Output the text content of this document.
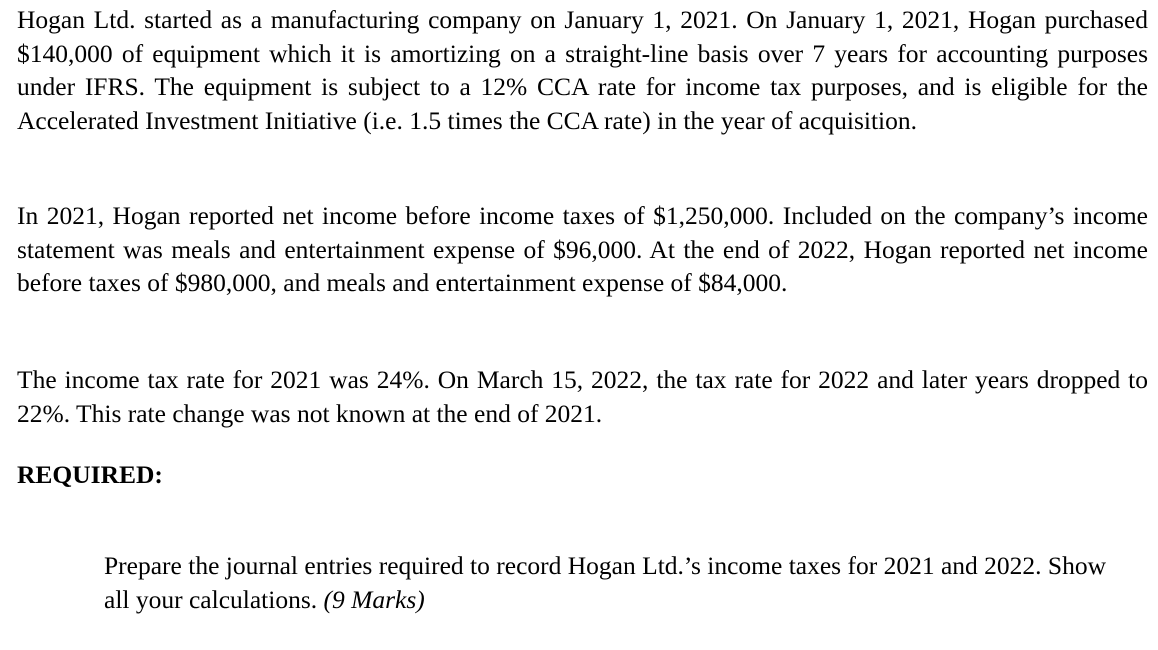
Hogan Ltd. started as a manufacturing company on January 1, 2021. On January 1, 2021, Hogan purchased $140,000 of equipment which it is amortizing on a straight-line basis over 7 years for accounting purposes under IFRS. The equipment is subject to a 12% CCA rate for income tax purposes, and is eligible for the Accelerated Investment Initiative (i.e. 1.5 times the CCA rate) in the year of acquisition.

In 2021, Hogan reported net income before income taxes of $1,250,000. Included on the company’s income statement was meals and entertainment expense of $96,000. At the end of 2022, Hogan reported net income before taxes of $980,000, and meals and entertainment expense of $84,000.

The income tax rate for 2021 was 24%. On March 15, 2022, the tax rate for 2022 and later years dropped to 22%. This rate change was not known at the end of 2021.

REQUIRED:

Prepare the journal entries required to record Hogan Ltd.’s income taxes for 2021 and 2022. Show all your calculations. (9 Marks)
